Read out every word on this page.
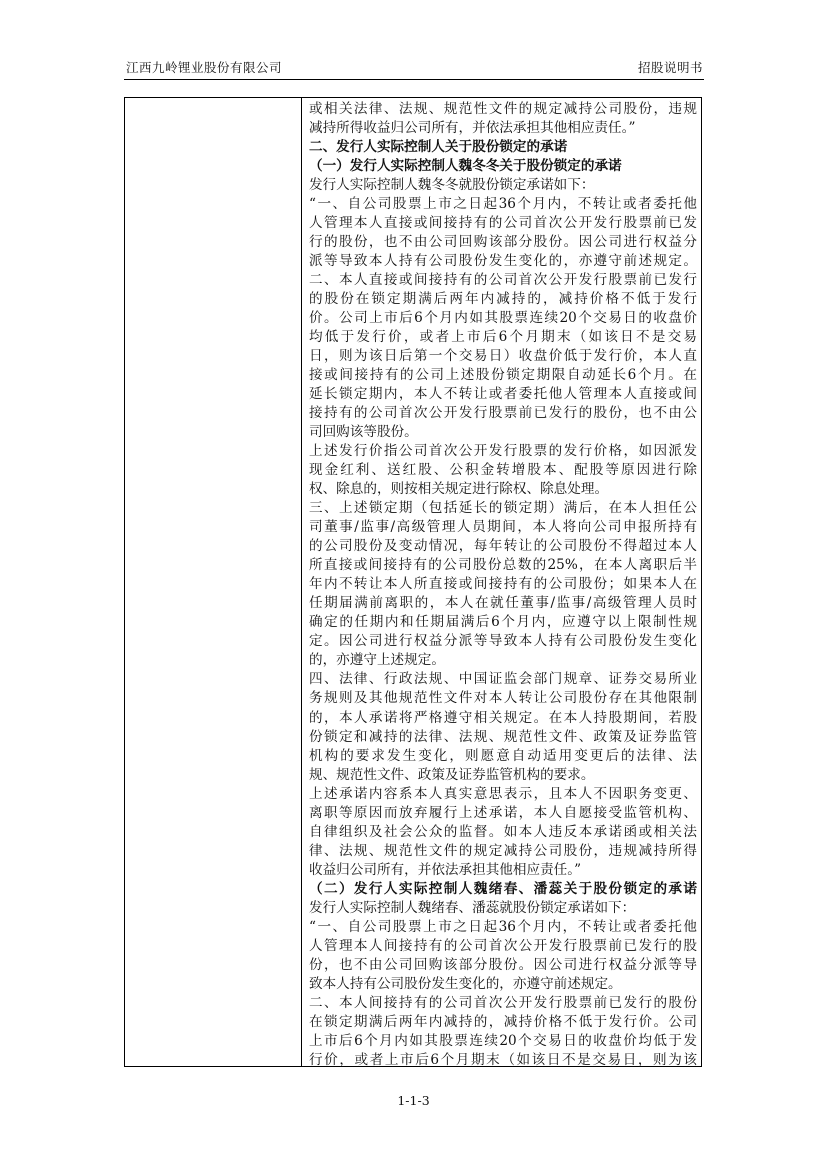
江西九岭锂业股份有限公司	招股说明书
或相关法律、法规、规范性文件的规定减持公司股份，违规
减持所得收益归公司所有，并依法承担其他相应责任。”
二、发行人实际控制人关于股份锁定的承诺
（一）发行人实际控制人魏冬冬关于股份锁定的承诺
发行人实际控制人魏冬冬就股份锁定承诺如下：
“一、自公司股票上市之日起36个月内，不转让或者委托他
人管理本人直接或间接持有的公司首次公开发行股票前已发
行的股份，也不由公司回购该部分股份。因公司进行权益分
派等导致本人持有公司股份发生变化的，亦遵守前述规定。
二、本人直接或间接持有的公司首次公开发行股票前已发行
的股份在锁定期满后两年内减持的，减持价格不低于发行
价。公司上市后6个月内如其股票连续20个交易日的收盘价
均低于发行价，或者上市后6个月期末（如该日不是交易
日，则为该日后第一个交易日）收盘价低于发行价，本人直
接或间接持有的公司上述股份锁定期限自动延长6个月。在
延长锁定期内，本人不转让或者委托他人管理本人直接或间
接持有的公司首次公开发行股票前已发行的股份，也不由公
司回购该等股份。
上述发行价指公司首次公开发行股票的发行价格，如因派发
现金红利、送红股、公积金转增股本、配股等原因进行除
权、除息的，则按相关规定进行除权、除息处理。
三、上述锁定期（包括延长的锁定期）满后，在本人担任公
司董事/监事/高级管理人员期间，本人将向公司申报所持有
的公司股份及变动情况，每年转让的公司股份不得超过本人
所直接或间接持有的公司股份总数的25%，在本人离职后半
年内不转让本人所直接或间接持有的公司股份；如果本人在
任期届满前离职的，本人在就任董事/监事/高级管理人员时
确定的任期内和任期届满后6个月内，应遵守以上限制性规
定。因公司进行权益分派等导致本人持有公司股份发生变化
的，亦遵守上述规定。
四、法律、行政法规、中国证监会部门规章、证券交易所业
务规则及其他规范性文件对本人转让公司股份存在其他限制
的，本人承诺将严格遵守相关规定。在本人持股期间，若股
份锁定和减持的法律、法规、规范性文件、政策及证券监管
机构的要求发生变化，则愿意自动适用变更后的法律、法
规、规范性文件、政策及证券监管机构的要求。
上述承诺内容系本人真实意思表示，且本人不因职务变更、
离职等原因而放弃履行上述承诺，本人自愿接受监管机构、
自律组织及社会公众的监督。如本人违反本承诺函或相关法
律、法规、规范性文件的规定减持公司股份，违规减持所得
收益归公司所有，并依法承担其他相应责任。”
（二）发行人实际控制人魏绪春、潘蕊关于股份锁定的承诺
发行人实际控制人魏绪春、潘蕊就股份锁定承诺如下：
“一、自公司股票上市之日起36个月内，不转让或者委托他
人管理本人间接持有的公司首次公开发行股票前已发行的股
份，也不由公司回购该部分股份。因公司进行权益分派等导
致本人持有公司股份发生变化的，亦遵守前述规定。
二、本人间接持有的公司首次公开发行股票前已发行的股份
在锁定期满后两年内减持的，减持价格不低于发行价。公司
上市后6个月内如其股票连续20个交易日的收盘价均低于发
行价，或者上市后6个月期末（如该日不是交易日，则为该
1-1-3
